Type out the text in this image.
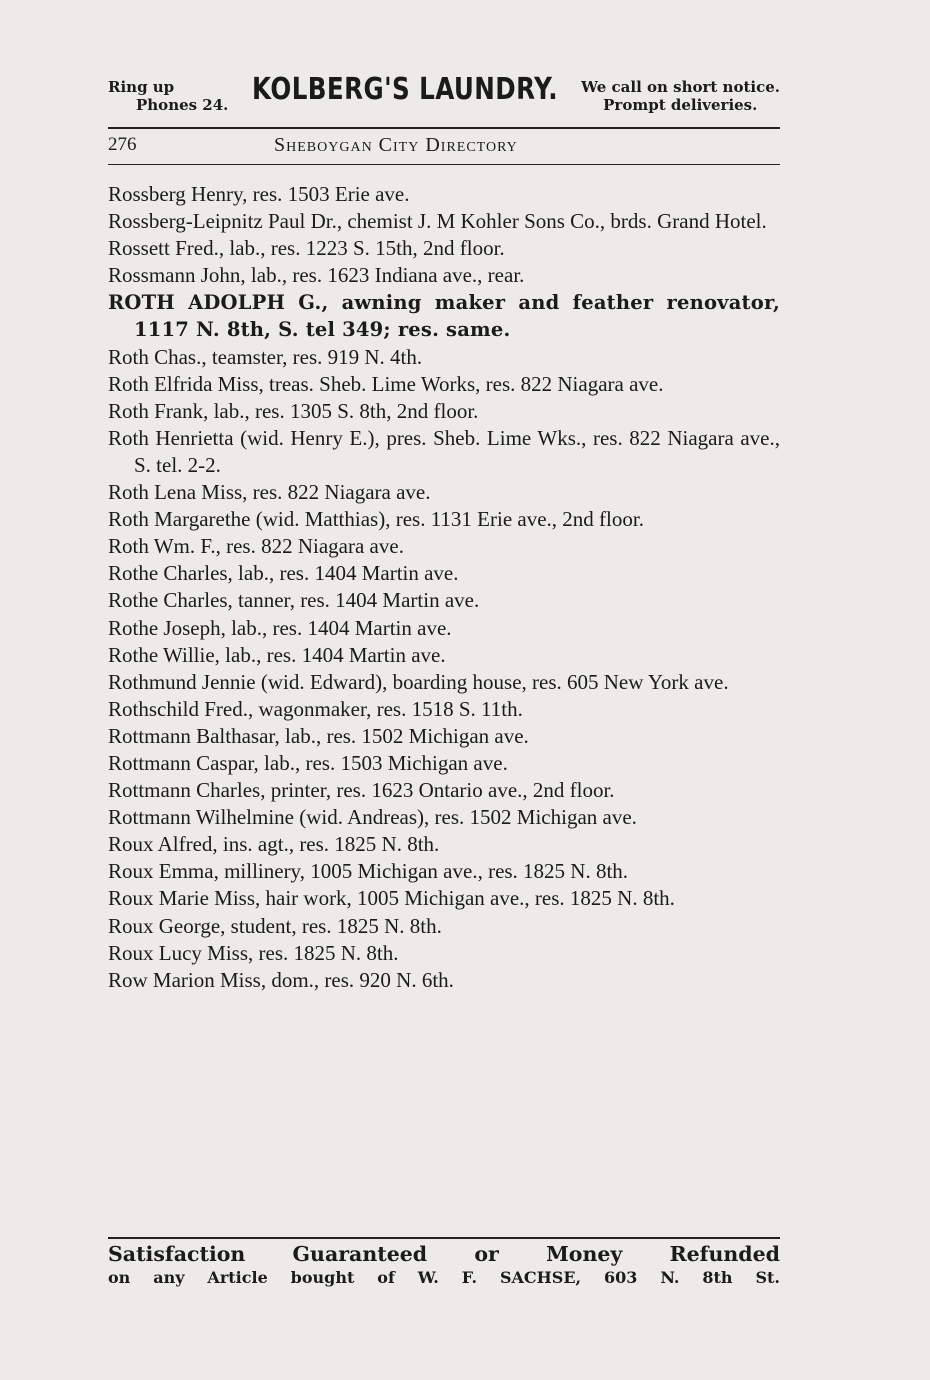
Ring up
Phones 24. KOLBERG'S LAUNDRY. We call on short notice.
Prompt deliveries.
276	Sheboygan City Directory
Rossberg Henry, res. 1503 Erie ave.
Rossberg-Leipnitz Paul Dr., chemist J. M Kohler Sons Co., brds. Grand Hotel.
Rossett Fred., lab., res. 1223 S. 15th, 2nd floor.
Rossmann John, lab., res. 1623 Indiana ave., rear.
ROTH ADOLPH G., awning maker and feather renovator, 1117 N. 8th, S. tel 349; res. same.
Roth Chas., teamster, res. 919 N. 4th.
Roth Elfrida Miss, treas. Sheb. Lime Works, res. 822 Niagara ave.
Roth Frank, lab., res. 1305 S. 8th, 2nd floor.
Roth Henrietta (wid. Henry E.), pres. Sheb. Lime Wks., res. 822 Niagara ave., S. tel. 2-2.
Roth Lena Miss, res. 822 Niagara ave.
Roth Margarethe (wid. Matthias), res. 1131 Erie ave., 2nd floor.
Roth Wm. F., res. 822 Niagara ave.
Rothe Charles, lab., res. 1404 Martin ave.
Rothe Charles, tanner, res. 1404 Martin ave.
Rothe Joseph, lab., res. 1404 Martin ave.
Rothe Willie, lab., res. 1404 Martin ave.
Rothmund Jennie (wid. Edward), boarding house, res. 605 New York ave.
Rothschild Fred., wagonmaker, res. 1518 S. 11th.
Rottmann Balthasar, lab., res. 1502 Michigan ave.
Rottmann Caspar, lab., res. 1503 Michigan ave.
Rottmann Charles, printer, res. 1623 Ontario ave., 2nd floor.
Rottmann Wilhelmine (wid. Andreas), res. 1502 Michigan ave.
Roux Alfred, ins. agt., res. 1825 N. 8th.
Roux Emma, millinery, 1005 Michigan ave., res. 1825 N. 8th.
Roux Marie Miss, hair work, 1005 Michigan ave., res. 1825 N. 8th.
Roux George, student, res. 1825 N. 8th.
Roux Lucy Miss, res. 1825 N. 8th.
Row Marion Miss, dom., res. 920 N. 6th.
Satisfaction Guaranteed or Money Refunded
on any Article bought of W. F. SACHSE, 603 N. 8th St.
